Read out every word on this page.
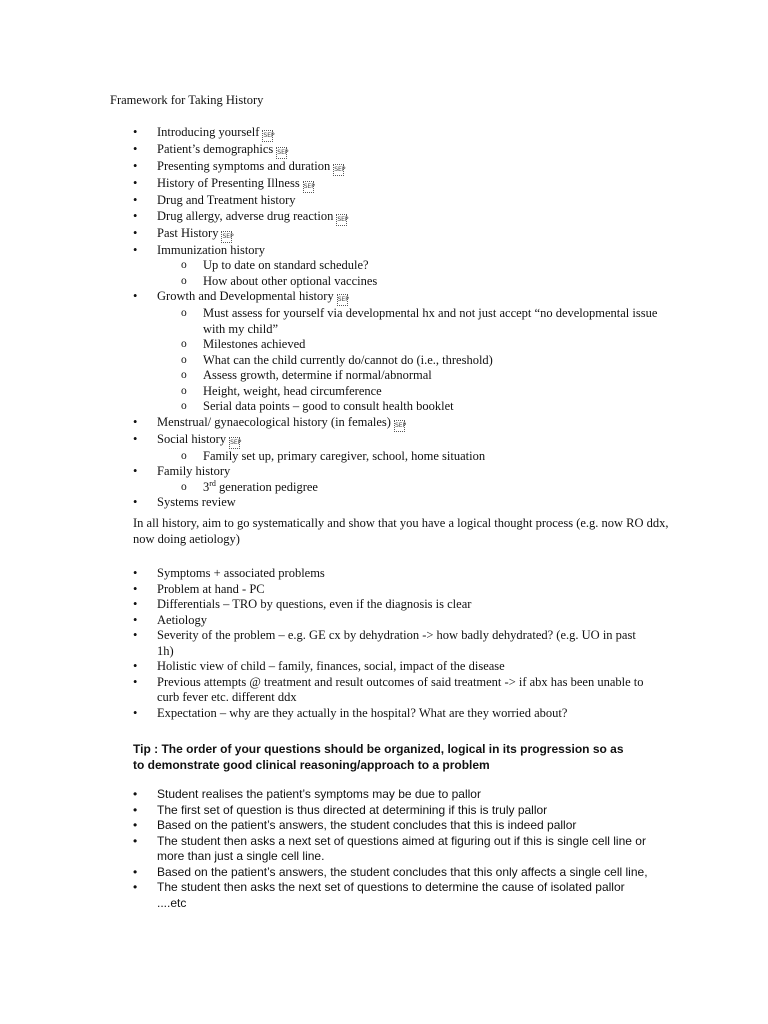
Framework for Taking History
• Introducing yourself SEP
• Patient’s demographics SEP
• Presenting symptoms and duration SEP
• History of Presenting Illness SEP
• Drug and Treatment history
• Drug allergy, adverse drug reaction SEP
• Past History SEP
• Immunization history
o Up to date on standard schedule?
o How about other optional vaccines
• Growth and Developmental history SEP
o Must assess for yourself via developmental hx and not just accept “no developmental issue with my child”
o Milestones achieved
o What can the child currently do/cannot do (i.e., threshold)
o Assess growth, determine if normal/abnormal
o Height, weight, head circumference
o Serial data points – good to consult health booklet
• Menstrual/ gynaecological history (in females) SEP
• Social history SEP
o Family set up, primary caregiver, school, home situation
• Family history
o 3rd generation pedigree
• Systems review

In all history, aim to go systematically and show that you have a logical thought process (e.g. now RO ddx, now doing aetiology)

• Symptoms + associated problems
• Problem at hand - PC
• Differentials – TRO by questions, even if the diagnosis is clear
• Aetiology
• Severity of the problem – e.g. GE cx by dehydration -> how badly dehydrated? (e.g. UO in past 1h)
• Holistic view of child – family, finances, social, impact of the disease
• Previous attempts @ treatment and result outcomes of said treatment -> if abx has been unable to curb fever etc. different ddx
• Expectation – why are they actually in the hospital? What are they worried about?

Tip : The order of your questions should be organized, logical in its progression so as to demonstrate good clinical reasoning/approach to a problem

• Student realises the patient’s symptoms may be due to pallor
• The first set of question is thus directed at determining if this is truly pallor
• Based on the patient’s answers, the student concludes that this is indeed pallor
• The student then asks a next set of questions aimed at figuring out if this is single cell line or more than just a single cell line.
• Based on the patient’s answers, the student concludes that this only affects a single cell line,
• The student then asks the next set of questions to determine the cause of isolated pallor ....etc
